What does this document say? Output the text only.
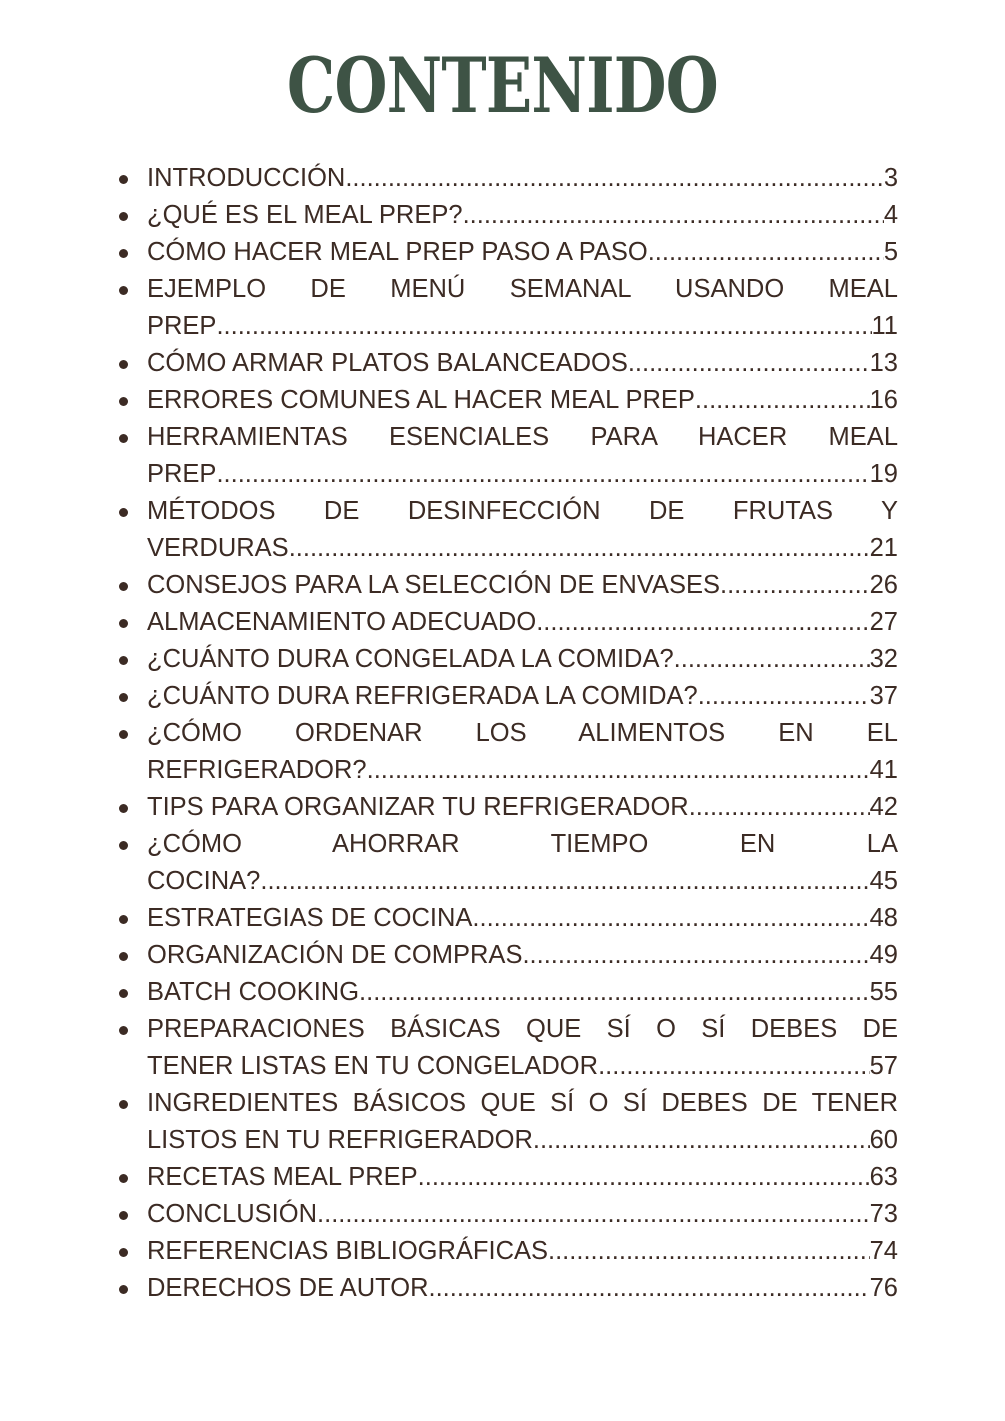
CONTENIDO
INTRODUCCIÓN .....	3
¿QUÉ ES EL MEAL PREP? .....	4
CÓMO HACER MEAL PREP PASO A PASO .....	5
EJEMPLO DE MENÚ SEMANAL USANDO MEAL
PREP .....	11
CÓMO ARMAR PLATOS BALANCEADOS .....	13
ERRORES COMUNES AL HACER MEAL PREP .....	16
HERRAMIENTAS ESENCIALES PARA HACER MEAL
PREP .....	19
MÉTODOS DE DESINFECCIÓN DE FRUTAS Y
VERDURAS .....	21
CONSEJOS PARA LA SELECCIÓN DE ENVASES .....	26
ALMACENAMIENTO ADECUADO .....	27
¿CUÁNTO DURA CONGELADA LA COMIDA? .....	32
¿CUÁNTO DURA REFRIGERADA LA COMIDA? .....	37
¿CÓMO ORDENAR LOS ALIMENTOS EN EL
REFRIGERADOR? .....	41
TIPS PARA ORGANIZAR TU REFRIGERADOR .....	42
¿CÓMO AHORRAR TIEMPO EN LA
COCINA? .....	45
ESTRATEGIAS DE COCINA .....	48
ORGANIZACIÓN DE COMPRAS .....	49
BATCH COOKING .....	55
PREPARACIONES BÁSICAS QUE SÍ O SÍ DEBES DE
TENER LISTAS EN TU CONGELADOR .....	57
INGREDIENTES BÁSICOS QUE SÍ O SÍ DEBES DE TENER
LISTOS EN TU REFRIGERADOR .....	60
RECETAS MEAL PREP .....	63
CONCLUSIÓN .....	73
REFERENCIAS BIBLIOGRÁFICAS .....	74
DERECHOS DE AUTOR .....	76
